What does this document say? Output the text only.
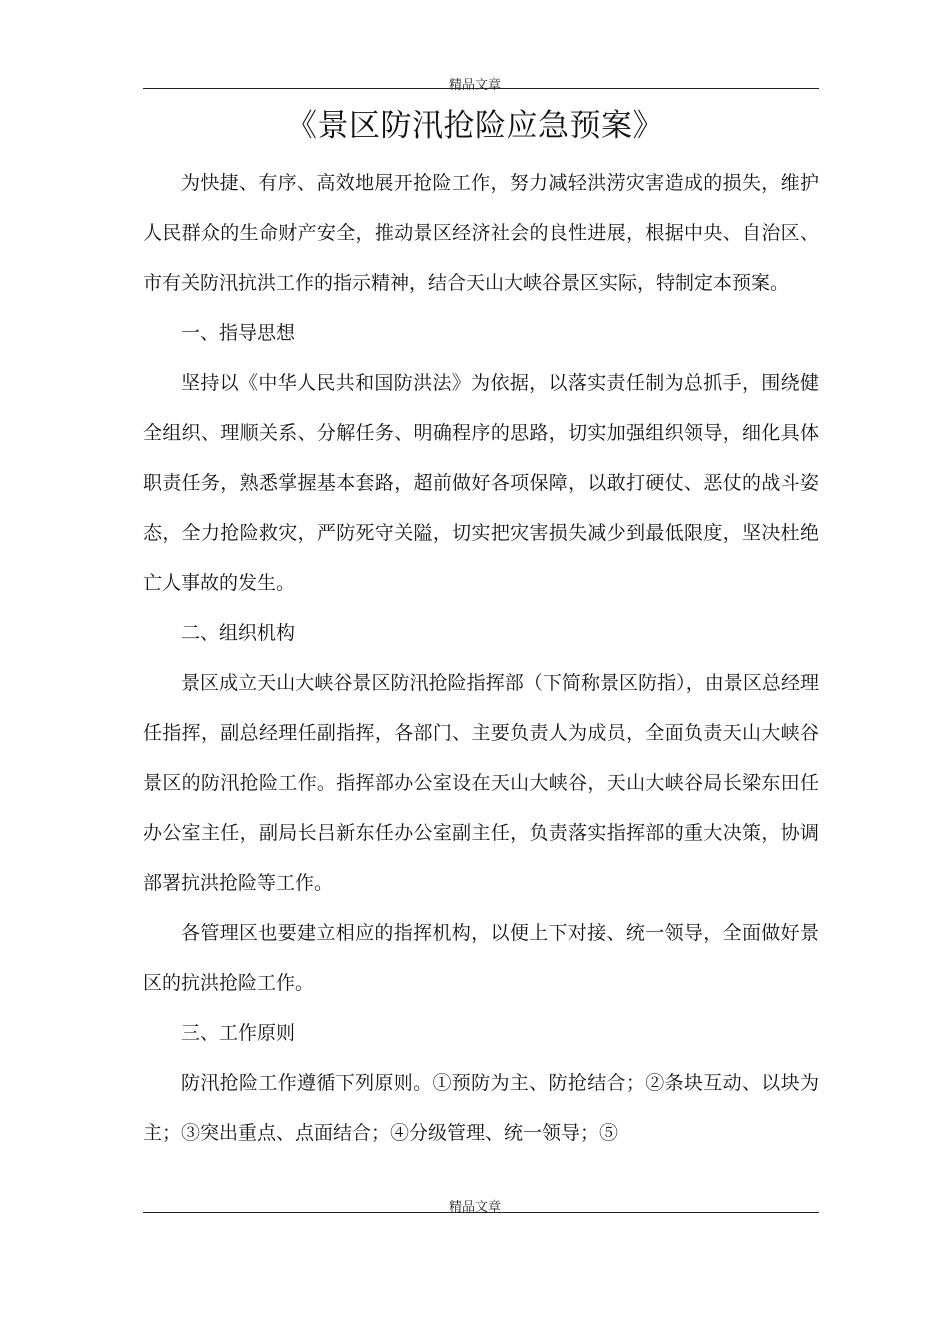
精品文章
《景区防汛抢险应急预案》

为快捷、有序、高效地展开抢险工作，努力减轻洪涝灾害造成的损失，维护人民群众的生命财产安全，推动景区经济社会的良性进展，根据中央、自治区、市有关防汛抗洪工作的指示精神，结合天山大峡谷景区实际，特制定本预案。

一、指导思想

坚持以《中华人民共和国防洪法》为依据，以落实责任制为总抓手，围绕健全组织、理顺关系、分解任务、明确程序的思路，切实加强组织领导，细化具体职责任务，熟悉掌握基本套路，超前做好各项保障，以敢打硬仗、恶仗的战斗姿态，全力抢险救灾，严防死守关隘，切实把灾害损失减少到最低限度，坚决杜绝亡人事故的发生。

二、组织机构

景区成立天山大峡谷景区防汛抢险指挥部（下简称景区防指），由景区总经理任指挥，副总经理任副指挥，各部门、主要负责人为成员，全面负责天山大峡谷景区的防汛抢险工作。指挥部办公室设在天山大峡谷，天山大峡谷局长梁东田任办公室主任，副局长吕新东任办公室副主任，负责落实指挥部的重大决策，协调部署抗洪抢险等工作。

各管理区也要建立相应的指挥机构，以便上下对接、统一领导，全面做好景区的抗洪抢险工作。

三、工作原则

防汛抢险工作遵循下列原则。①预防为主、防抢结合；②条块互动、以块为主；③突出重点、点面结合；④分级管理、统一领导；⑤

精品文章
